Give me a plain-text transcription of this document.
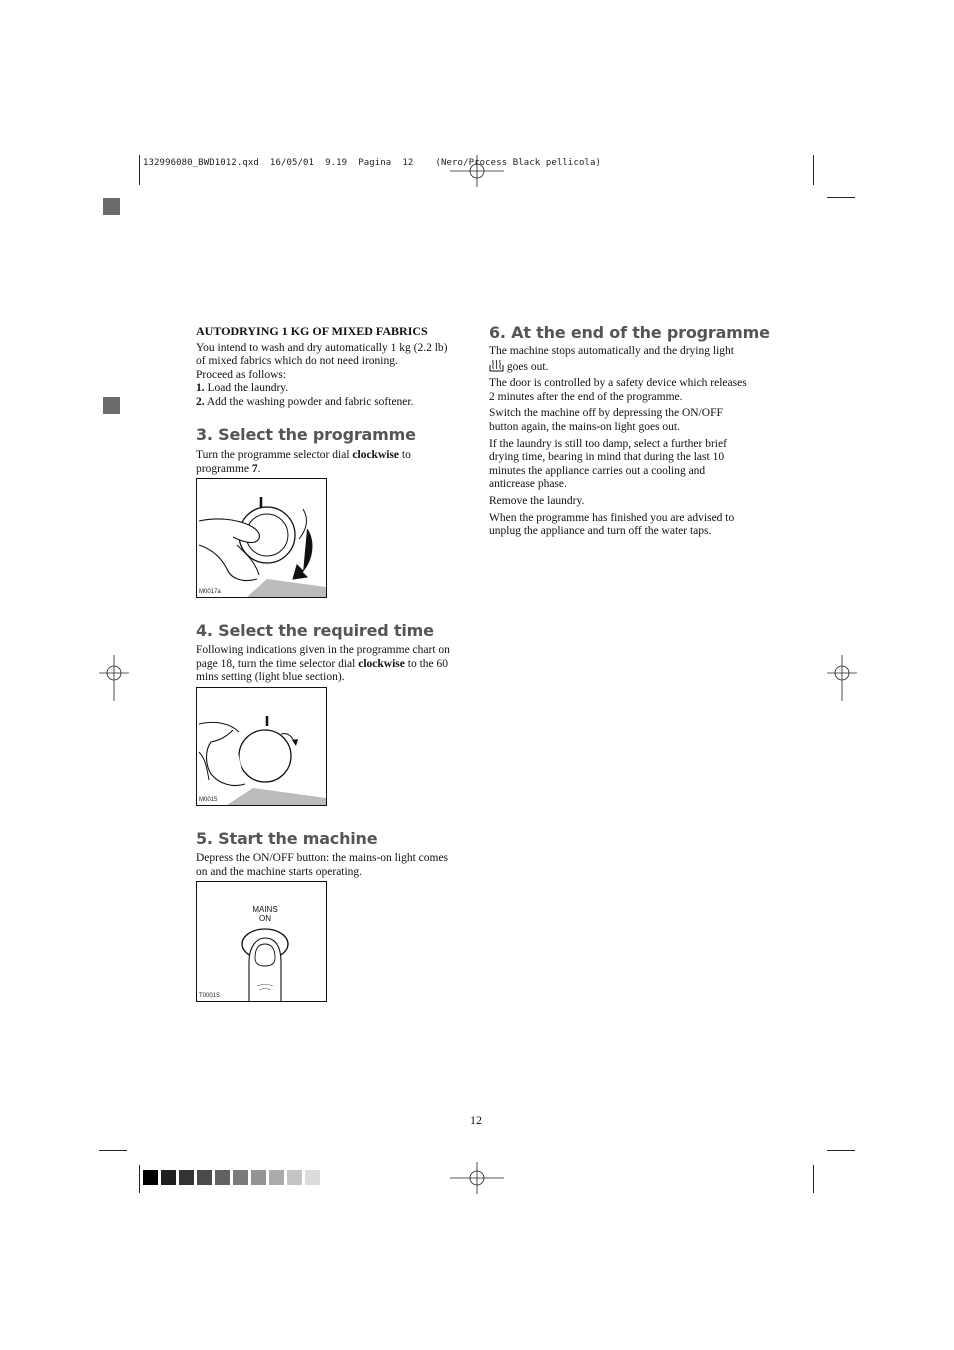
132996080_BWD1012.qxd  16/05/01  9.19  Pagina  12    (Nero/Process Black pellicola)

AUTODRYING 1 KG OF MIXED FABRICS

You intend to wash and dry automatically 1 kg (2.2 lb)
of mixed fabrics which do not need ironing.
Proceed as follows:
1. Load the laundry.
2. Add the washing powder and fabric softener.

3. Select the programme
Turn the programme selector dial clockwise to
programme 7.
M0017a
4. Select the required time
Following indications given in the programme chart on
page 18, turn the time selector dial clockwise to the 60
mins setting (light blue section).
M0015
5. Start the machine
Depress the ON/OFF button: the mains-on light comes
on and the machine starts operating.
MAINS
ON
T0001S
6. At the end of the programme

The machine stops automatically and the drying light
goes out.

The door is controlled by a safety device which releases
2 minutes after the end of the programme.

Switch the machine off by depressing the ON/OFF
button again, the mains-on light goes out.

If the laundry is still too damp, select a further brief
drying time, bearing in mind that during the last 10
minutes the appliance carries out a cooling and
anticrease phase.

Remove the laundry.

When the programme has finished you are advised to
unplug the appliance and turn off the water taps.

12
